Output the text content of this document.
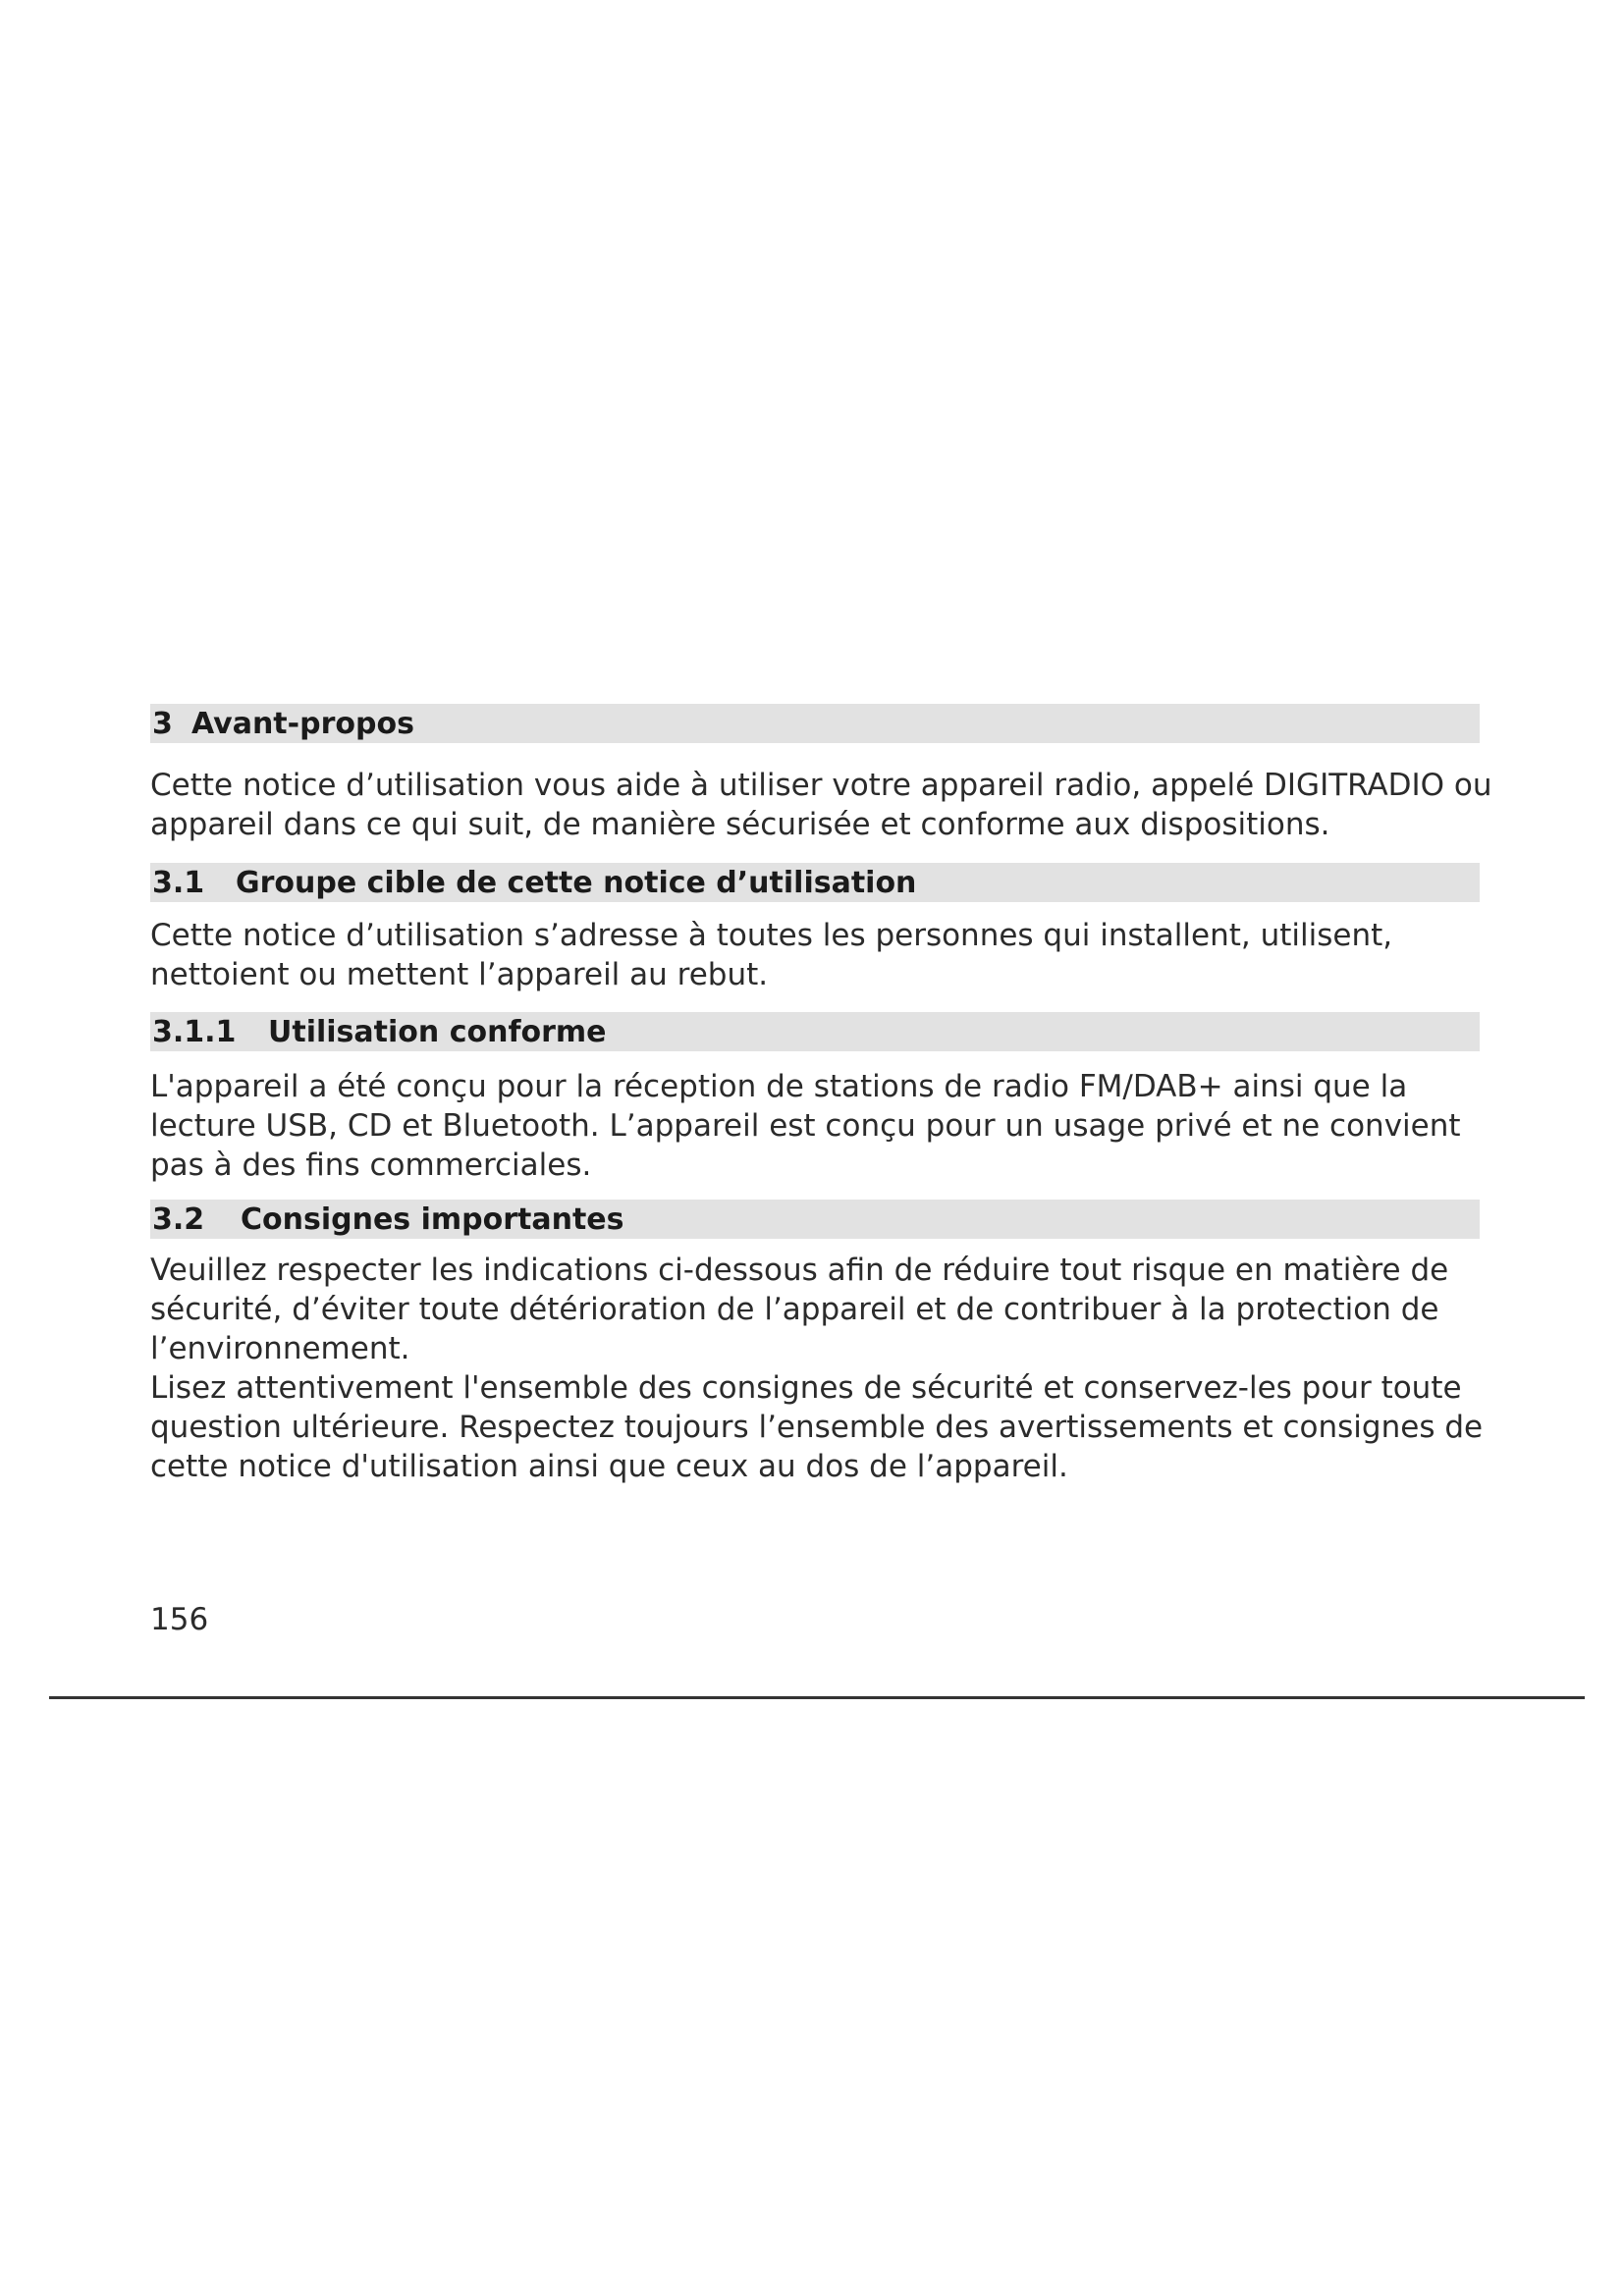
3 Avant-propos

Cette notice d’utilisation vous aide à utiliser votre appareil radio, appelé DIGITRADIO ou
appareil dans ce qui suit, de manière sécurisée et conforme aux dispositions.

3.1	Groupe cible de cette notice d’utilisation

Cette notice d’utilisation s’adresse à toutes les personnes qui installent, utilisent,
nettoient ou mettent l’appareil au rebut.

3.1.1	Utilisation conforme

L'appareil a été conçu pour la réception de stations de radio FM/DAB+ ainsi que la
lecture USB, CD et Bluetooth. L’appareil est conçu pour un usage privé et ne convient
pas à des fins commerciales.

3.2	Consignes importantes

Veuillez respecter les indications ci-dessous afin de réduire tout risque en matière de
sécurité, d’éviter toute détérioration de l’appareil et de contribuer à la protection de
l’environnement.
Lisez attentivement l'ensemble des consignes de sécurité et conservez-les pour toute
question ultérieure. Respectez toujours l’ensemble des avertissements et consignes de
cette notice d'utilisation ainsi que ceux au dos de l’appareil.

156
